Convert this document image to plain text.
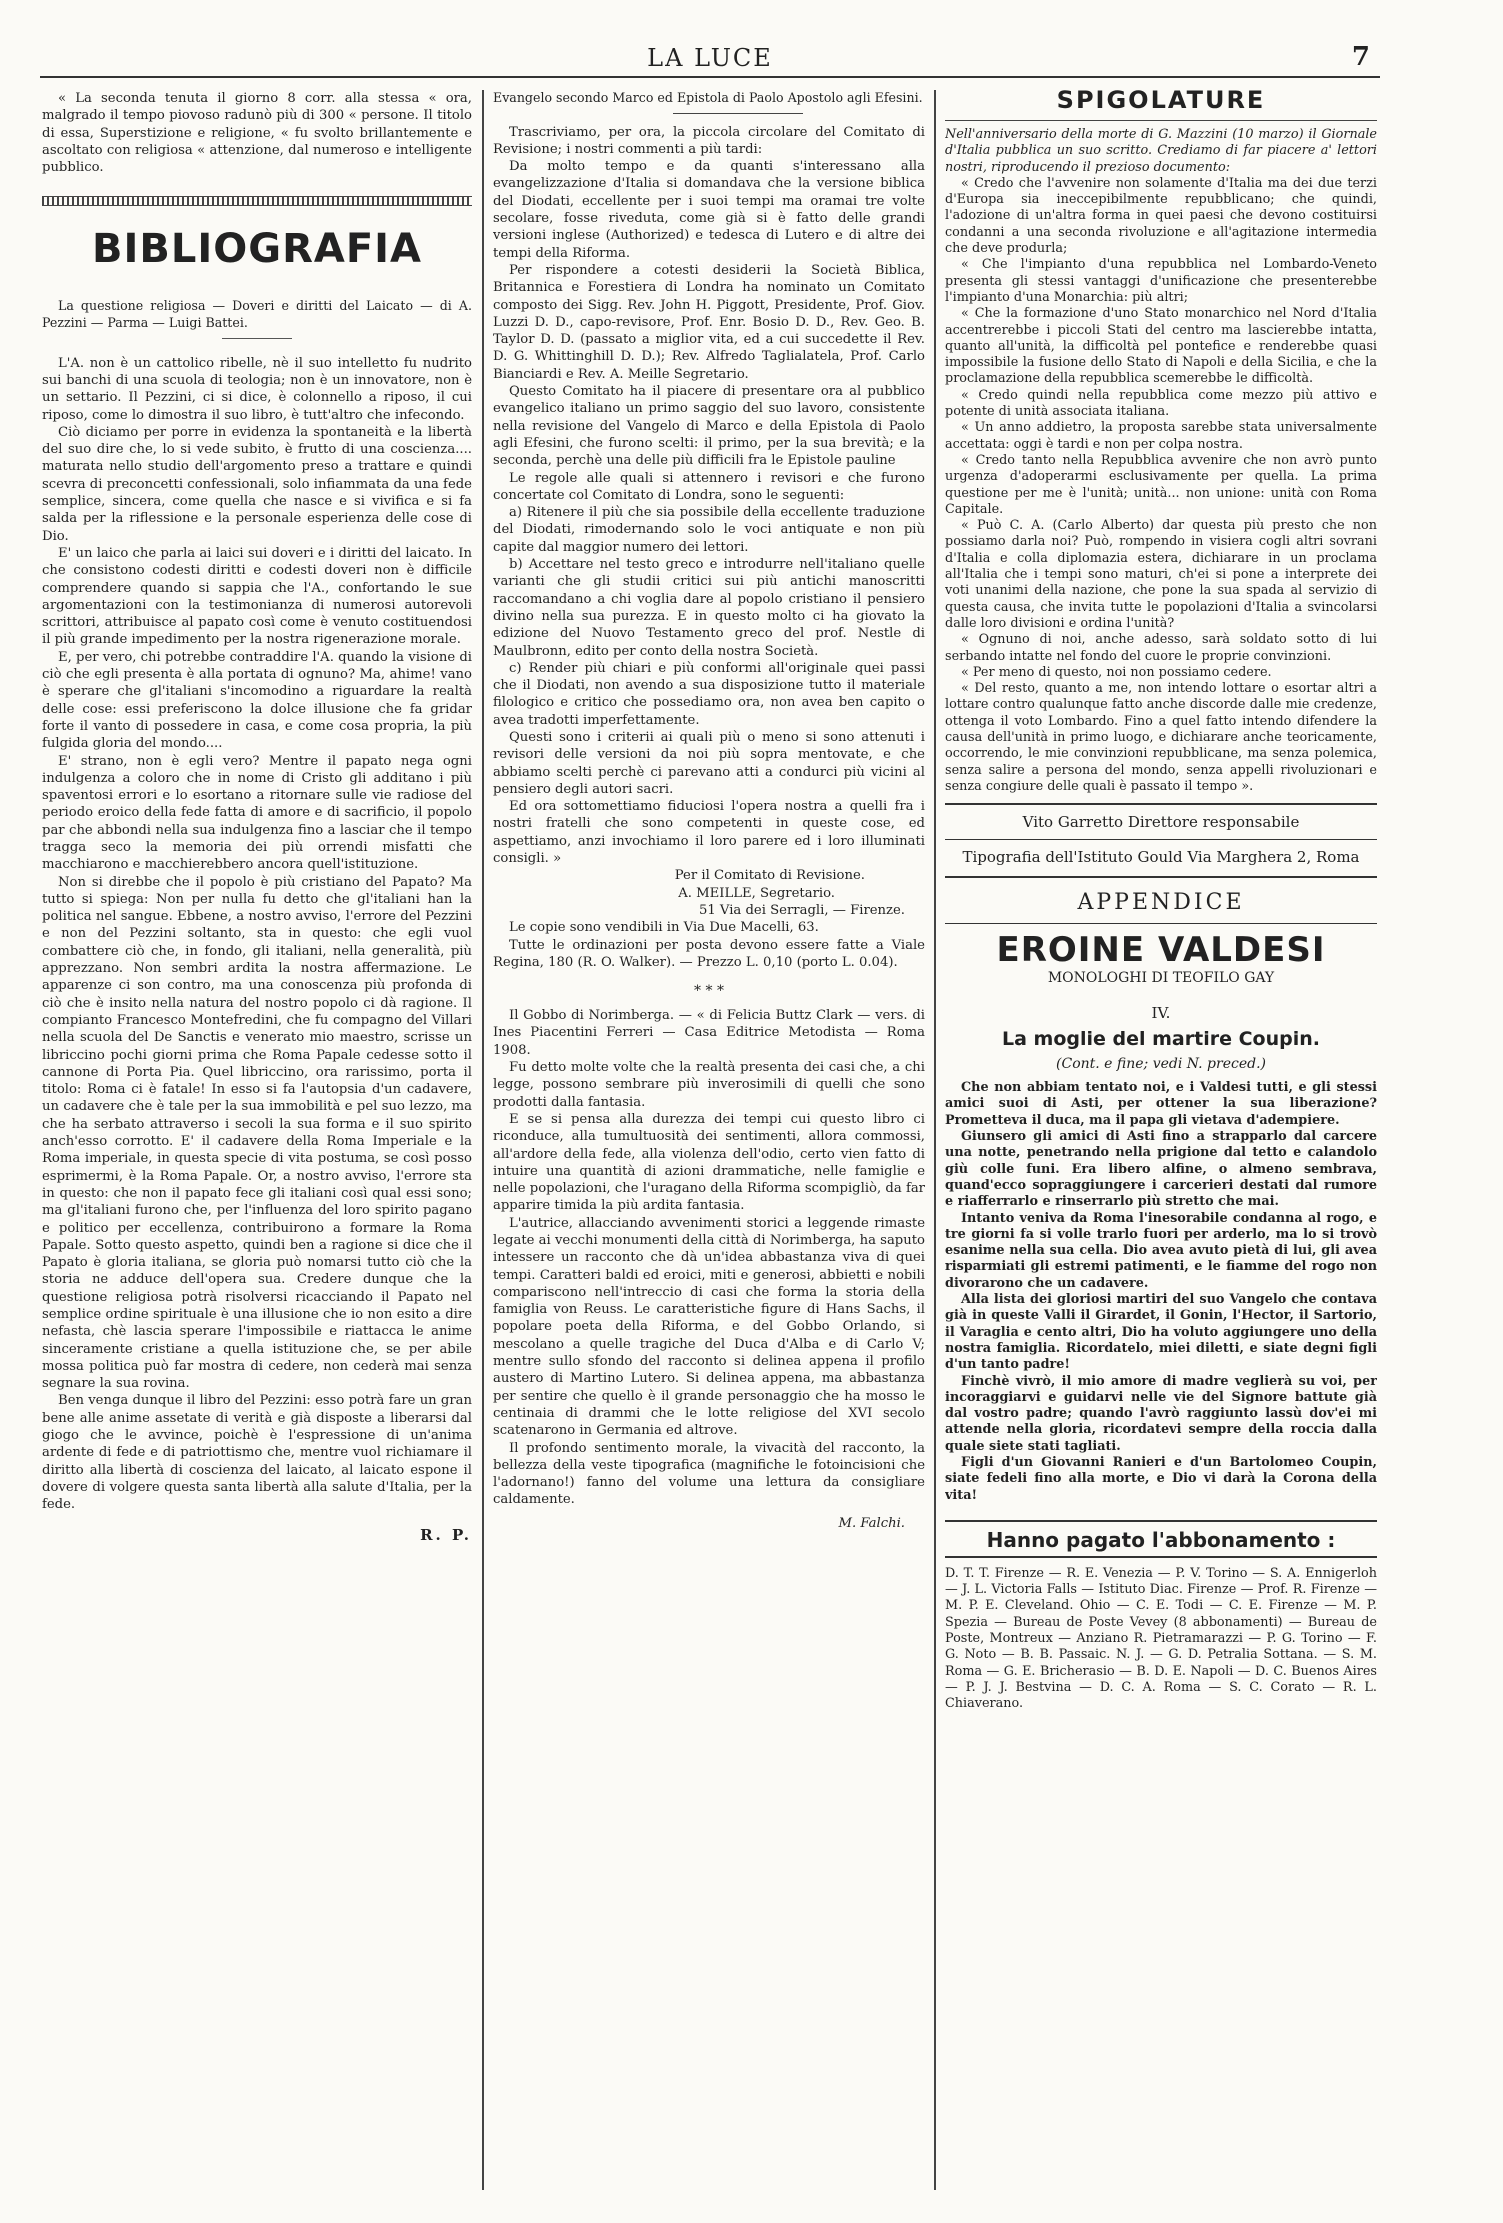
LA LUCE	7

« La seconda tenuta il giorno 8 corr. alla stessa « ora, malgrado il tempo piovoso radunò più di 300 « persone. Il titolo di essa, Superstizione e religione, « fu svolto brillantemente e ascoltato con religiosa « attenzione, dal numeroso e intelligente pubblico.

BIBLIOGRAFIA

La questione religiosa — Doveri e diritti del Laicato — di A. Pezzini — Parma — Luigi Battei.

L'A. non è un cattolico ribelle, nè il suo intelletto fu nudrito sui banchi di una scuola di teologia; non è un innovatore, non è un settario. Il Pezzini, ci si dice, è colonnello a riposo, il cui riposo, come lo dimostra il suo libro, è tutt'altro che infecondo.

Ciò diciamo per porre in evidenza la spontaneità e la libertà del suo dire che, lo si vede subito, è frutto di una coscienza.... maturata nello studio dell'argomento preso a trattare e quindi scevra di preconcetti confessionali, solo infiammata da una fede semplice, sincera, come quella che nasce e si vivifica e si fa salda per la riflessione e la personale esperienza delle cose di Dio.

E' un laico che parla ai laici sui doveri e i diritti del laicato. In che consistono codesti diritti e codesti doveri non è difficile comprendere quando si sappia che l'A., confortando le sue argomentazioni con la testimonianza di numerosi autorevoli scrittori, attribuisce al papato così come è venuto costituendosi il più grande impedimento per la nostra rigenerazione morale.

E, per vero, chi potrebbe contraddire l'A. quando la visione di ciò che egli presenta è alla portata di ognuno? Ma, ahime! vano è sperare che gl'italiani s'incomodino a riguardare la realtà delle cose: essi preferiscono la dolce illusione che fa gridar forte il vanto di possedere in casa, e come cosa propria, la più fulgida gloria del mondo....

E' strano, non è egli vero? Mentre il papato nega ogni indulgenza a coloro che in nome di Cristo gli additano i più spaventosi errori e lo esortano a ritornare sulle vie radiose del periodo eroico della fede fatta di amore e di sacrificio, il popolo par che abbondi nella sua indulgenza fino a lasciar che il tempo tragga seco la memoria dei più orrendi misfatti che macchiarono e macchierebbero ancora quell'istituzione.

Non si direbbe che il popolo è più cristiano del Papato? Ma tutto si spiega: Non per nulla fu detto che gl'italiani han la politica nel sangue. Ebbene, a nostro avviso, l'errore del Pezzini e non del Pezzini soltanto, sta in questo: che egli vuol combattere ciò che, in fondo, gli italiani, nella generalità, più apprezzano. Non sembri ardita la nostra affermazione. Le apparenze ci son contro, ma una conoscenza più profonda di ciò che è insito nella natura del nostro popolo ci dà ragione. Il compianto Francesco Montefredini, che fu compagno del Villari nella scuola del De Sanctis e venerato mio maestro, scrisse un libriccino pochi giorni prima che Roma Papale cedesse sotto il cannone di Porta Pia. Quel libriccino, ora rarissimo, porta il titolo: Roma ci è fatale! In esso si fa l'autopsia d'un cadavere, un cadavere che è tale per la sua immobilità e pel suo lezzo, ma che ha serbato attraverso i secoli la sua forma e il suo spirito anch'esso corrotto. E' il cadavere della Roma Imperiale e la Roma imperiale, in questa specie di vita postuma, se così posso esprimermi, è la Roma Papale. Or, a nostro avviso, l'errore sta in questo: che non il papato fece gli italiani così qual essi sono; ma gl'italiani furono che, per l'influenza del loro spirito pagano e politico per eccellenza, contribuirono a formare la Roma Papale. Sotto questo aspetto, quindi ben a ragione si dice che il Papato è gloria italiana, se gloria può nomarsi tutto ciò che la storia ne adduce dell'opera sua. Credere dunque che la questione religiosa potrà risolversi ricacciando il Papato nel semplice ordine spirituale è una illusione che io non esito a dire nefasta, chè lascia sperare l'impossibile e riattacca le anime sinceramente cristiane a quella istituzione che, se per abile mossa politica può far mostra di cedere, non cederà mai senza segnare la sua rovina.

Ben venga dunque il libro del Pezzini: esso potrà fare un gran bene alle anime assetate di verità e già disposte a liberarsi dal giogo che le avvince, poichè è l'espressione di un'anima ardente di fede e di patriottismo che, mentre vuol richiamare il diritto alla libertà di coscienza del laicato, al laicato espone il dovere di volgere questa santa libertà alla salute d'Italia, per la fede.

R. P.

Evangelo secondo Marco ed Epistola di Paolo Apostolo agli Efesini.

Trascriviamo, per ora, la piccola circolare del Comitato di Revisione; i nostri commenti a più tardi:

Da molto tempo e da quanti s'interessano alla evangelizzazione d'Italia si domandava che la versione biblica del Diodati, eccellente per i suoi tempi ma oramai tre volte secolare, fosse riveduta, come già si è fatto delle grandi versioni inglese (Authorized) e tedesca di Lutero e di altre dei tempi della Riforma.

Per rispondere a cotesti desiderii la Società Biblica, Britannica e Forestiera di Londra ha nominato un Comitato composto dei Sigg. Rev. John H. Piggott, Presidente, Prof. Giov. Luzzi D. D., capo-revisore, Prof. Enr. Bosio D. D., Rev. Geo. B. Taylor D. D. (passato a miglior vita, ed a cui succedette il Rev. D. G. Whittinghill D. D.); Rev. Alfredo Taglialatela, Prof. Carlo Bianciardi e Rev. A. Meille Segretario.

Questo Comitato ha il piacere di presentare ora al pubblico evangelico italiano un primo saggio del suo lavoro, consistente nella revisione del Vangelo di Marco e della Epistola di Paolo agli Efesini, che furono scelti: il primo, per la sua brevità; e la seconda, perchè una delle più difficili fra le Epistole pauline

Le regole alle quali si attennero i revisori e che furono concertate col Comitato di Londra, sono le seguenti:

a) Ritenere il più che sia possibile della eccellente traduzione del Diodati, rimodernando solo le voci antiquate e non più capite dal maggior numero dei lettori.

b) Accettare nel testo greco e introdurre nell'italiano quelle varianti che gli studii critici sui più antichi manoscritti raccomandano a chi voglia dare al popolo cristiano il pensiero divino nella sua purezza. E in questo molto ci ha giovato la edizione del Nuovo Testamento greco del prof. Nestle di Maulbronn, edito per conto della nostra Società.

c) Render più chiari e più conformi all'originale quei passi che il Diodati, non avendo a sua disposizione tutto il materiale filologico e critico che possediamo ora, non avea ben capito o avea tradotti imperfettamente.

Questi sono i criterii ai quali più o meno si sono attenuti i revisori delle versioni da noi più sopra mentovate, e che abbiamo scelti perchè ci parevano atti a condurci più vicini al pensiero degli autori sacri.

Ed ora sottomettiamo fiduciosi l'opera nostra a quelli fra i nostri fratelli che sono competenti in queste cose, ed aspettiamo, anzi invochiamo il loro parere ed i loro illuminati consigli. »

Per il Comitato di Revisione.

A. MEILLE, Segretario.

51 Via dei Serragli, — Firenze.

Le copie sono vendibili in Via Due Macelli, 63.

Tutte le ordinazioni per posta devono essere fatte a Viale Regina, 180 (R. O. Walker). — Prezzo L. 0,10 (porto L. 0.04).

* * *

Il Gobbo di Norimberga. — « di Felicia Buttz Clark — vers. di Ines Piacentini Ferreri — Casa Editrice Metodista — Roma 1908.

Fu detto molte volte che la realtà presenta dei casi che, a chi legge, possono sembrare più inverosimili di quelli che sono prodotti dalla fantasia.

E se si pensa alla durezza dei tempi cui questo libro ci riconduce, alla tumultuosità dei sentimenti, allora commossi, all'ardore della fede, alla violenza dell'odio, certo vien fatto di intuire una quantità di azioni drammatiche, nelle famiglie e nelle popolazioni, che l'uragano della Riforma scompigliò, da far apparire timida la più ardita fantasia.

L'autrice, allacciando avvenimenti storici a leggende rimaste legate ai vecchi monumenti della città di Norimberga, ha saputo intessere un racconto che dà un'idea abbastanza viva di quei tempi. Caratteri baldi ed eroici, miti e generosi, abbietti e nobili compariscono nell'intreccio di casi che forma la storia della famiglia von Reuss. Le caratteristiche figure di Hans Sachs, il popolare poeta della Riforma, e del Gobbo Orlando, si mescolano a quelle tragiche del Duca d'Alba e di Carlo V; mentre sullo sfondo del racconto si delinea appena il profilo austero di Martino Lutero. Si delinea appena, ma abbastanza per sentire che quello è il grande personaggio che ha mosso le centinaia di drammi che le lotte religiose del XVI secolo scatenarono in Germania ed altrove.

Il profondo sentimento morale, la vivacità del racconto, la bellezza della veste tipografica (magnifiche le fotoincisioni che l'adornano!) fanno del volume una lettura da consigliare caldamente.

M. Falchi.

SPIGOLATURE

Nell'anniversario della morte di G. Mazzini (10 marzo) il Giornale d'Italia pubblica un suo scritto. Crediamo di far piacere a' lettori nostri, riproducendo il prezioso documento:

« Credo che l'avvenire non solamente d'Italia ma dei due terzi d'Europa sia ineccepibilmente repubblicano; che quindi, l'adozione di un'altra forma in quei paesi che devono costituirsi condanni a una seconda rivoluzione e all'agitazione intermedia che deve produrla;

« Che l'impianto d'una repubblica nel Lombardo-Veneto presenta gli stessi vantaggi d'unificazione che presenterebbe l'impianto d'una Monarchia: più altri;

« Che la formazione d'uno Stato monarchico nel Nord d'Italia accentrerebbe i piccoli Stati del centro ma lascierebbe intatta, quanto all'unità, la difficoltà pel pontefice e renderebbe quasi impossibile la fusione dello Stato di Napoli e della Sicilia, e che la proclamazione della repubblica scemerebbe le difficoltà.

« Credo quindi nella repubblica come mezzo più attivo e potente di unità associata italiana.

« Un anno addietro, la proposta sarebbe stata universalmente accettata: oggi è tardi e non per colpa nostra.

« Credo tanto nella Repubblica avvenire che non avrò punto urgenza d'adoperarmi esclusivamente per quella. La prima questione per me è l'unità; unità... non unione: unità con Roma Capitale.

« Può C. A. (Carlo Alberto) dar questa più presto che non possiamo darla noi? Può, rompendo in visiera cogli altri sovrani d'Italia e colla diplomazia estera, dichiarare in un proclama all'Italia che i tempi sono maturi, ch'ei si pone a interprete dei voti unanimi della nazione, che pone la sua spada al servizio di questa causa, che invita tutte le popolazioni d'Italia a svincolarsi dalle loro divisioni e ordina l'unità?

« Ognuno di noi, anche adesso, sarà soldato sotto di lui serbando intatte nel fondo del cuore le proprie convinzioni.

« Per meno di questo, noi non possiamo cedere.

« Del resto, quanto a me, non intendo lottare o esortar altri a lottare contro qualunque fatto anche discorde dalle mie credenze, ottenga il voto Lombardo. Fino a quel fatto intendo difendere la causa dell'unità in primo luogo, e dichiarare anche teoricamente, occorrendo, le mie convinzioni repubblicane, ma senza polemica, senza salire a persona del mondo, senza appelli rivoluzionari e senza congiure delle quali è passato il tempo ».

Vito Garretto Direttore responsabile
Tipografia dell'Istituto Gould Via Marghera 2, Roma
APPENDICE
EROINE VALDESI
MONOLOGHI DI TEOFILO GAY
IV.
La moglie del martire Coupin.
(Cont. e fine; vedi N. preced.)

Che non abbiam tentato noi, e i Valdesi tutti, e gli stessi amici suoi di Asti, per ottener la sua liberazione? Prometteva il duca, ma il papa gli vietava d'adempiere.

Giunsero gli amici di Asti fino a strapparlo dal carcere una notte, penetrando nella prigione dal tetto e calandolo giù colle funi. Era libero alfine, o almeno sembrava, quand'ecco sopraggiungere i carcerieri destati dal rumore e riafferrarlo e rinserrarlo più stretto che mai.

Intanto veniva da Roma l'inesorabile condanna al rogo, e tre giorni fa si volle trarlo fuori per arderlo, ma lo si trovò esanime nella sua cella. Dio avea avuto pietà di lui, gli avea risparmiati gli estremi patimenti, e le fiamme del rogo non divorarono che un cadavere.

Alla lista dei gloriosi martiri del suo Vangelo che contava già in queste Valli il Girardet, il Gonin, l'Hector, il Sartorio, il Varaglia e cento altri, Dio ha voluto aggiungere uno della nostra famiglia. Ricordatelo, miei diletti, e siate degni figli d'un tanto padre!

Finchè vivrò, il mio amore di madre veglierà su voi, per incoraggiarvi e guidarvi nelle vie del Signore battute già dal vostro padre; quando l'avrò raggiunto lassù dov'ei mi attende nella gloria, ricordatevi sempre della roccia dalla quale siete stati tagliati.

Figli d'un Giovanni Ranieri e d'un Bartolomeo Coupin, siate fedeli fino alla morte, e Dio vi darà la Corona della vita!

Hanno pagato l'abbonamento :

D. T. T. Firenze — R. E. Venezia — P. V. Torino — S. A. Ennigerloh — J. L. Victoria Falls — Istituto Diac. Firenze — Prof. R. Firenze — M. P. E. Cleveland. Ohio — C. E. Todi — C. E. Firenze — M. P. Spezia — Bureau de Poste Vevey (8 abbonamenti) — Bureau de Poste, Montreux — Anziano R. Pietramarazzi — P. G. Torino — F. G. Noto — B. B. Passaic. N. J. — G. D. Petralia Sottana. — S. M. Roma — G. E. Bricherasio — B. D. E. Napoli — D. C. Buenos Aires — P. J. J. Bestvina — D. C. A. Roma — S. C. Corato — R. L. Chiaverano.
